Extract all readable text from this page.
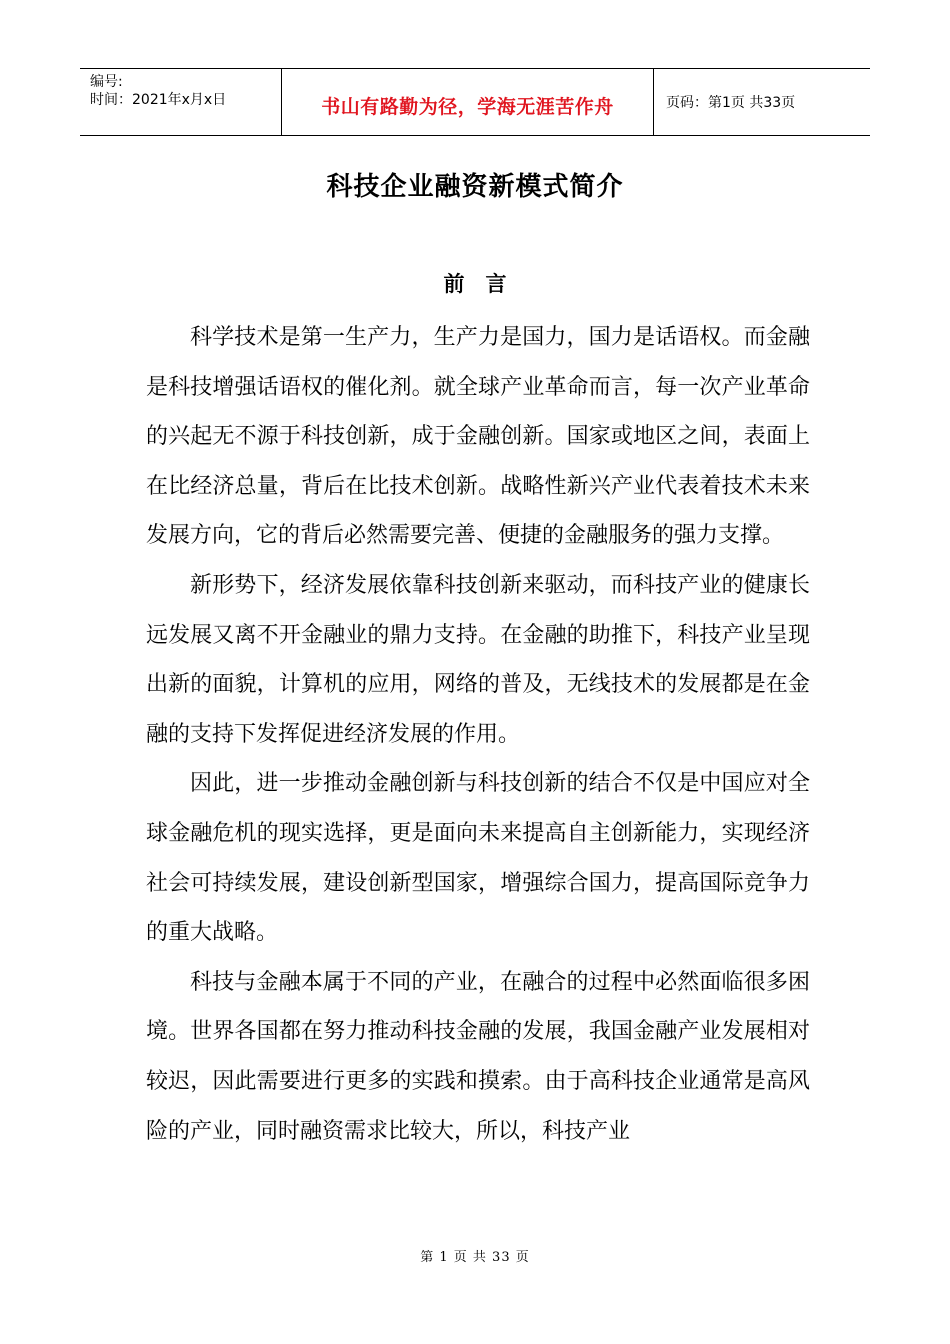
编号:
时间：2021年x月x日	书山有路勤为径，学海无涯苦作舟	页码：第1页 共33页
科技企业融资新模式简介
前言

科学技术是第一生产力，生产力是国力，国力是话语权。而金融是科技增强话语权的催化剂。就全球产业革命而言，每一次产业革命的兴起无不源于科技创新，成于金融创新。国家或地区之间，表面上在比经济总量，背后在比技术创新。战略性新兴产业代表着技术未来发展方向，它的背后必然需要完善、便捷的金融服务的强力支撑。

新形势下，经济发展依靠科技创新来驱动，而科技产业的健康长远发展又离不开金融业的鼎力支持。在金融的助推下，科技产业呈现出新的面貌，计算机的应用，网络的普及，无线技术的发展都是在金融的支持下发挥促进经济发展的作用。

因此，进一步推动金融创新与科技创新的结合不仅是中国应对全球金融危机的现实选择，更是面向未来提高自主创新能力，实现经济社会可持续发展，建设创新型国家，增强综合国力，提高国际竞争力的重大战略。

科技与金融本属于不同的产业，在融合的过程中必然面临很多困境。世界各国都在努力推动科技金融的发展，我国金融产业发展相对较迟，因此需要进行更多的实践和摸索。由于高科技企业通常是高风险的产业，同时融资需求比较大，所以，科技产业

第 1 页 共 33 页
